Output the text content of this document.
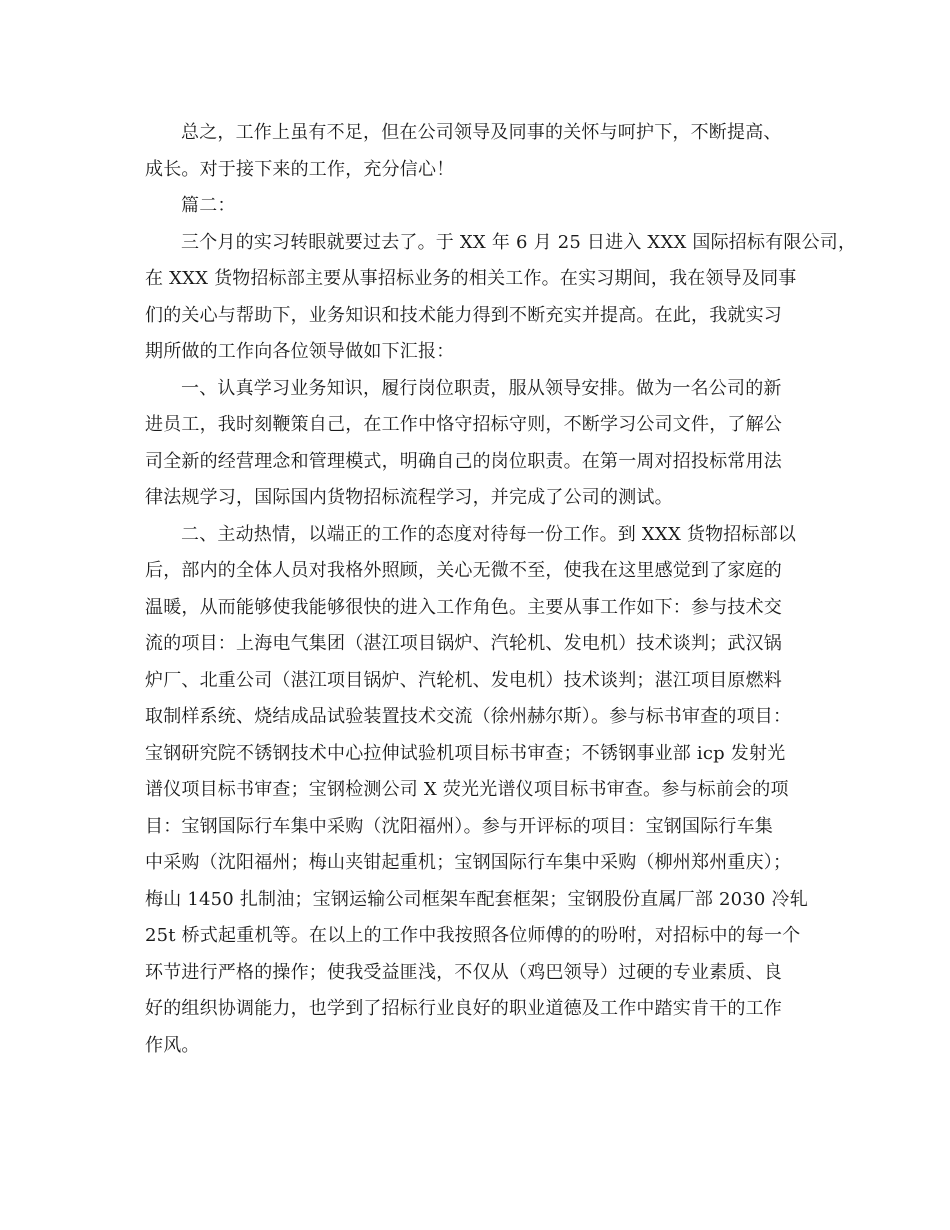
总之，工作上虽有不足，但在公司领导及同事的关怀与呵护下，不断提高、
成长。对于接下来的工作，充分信心！
篇二：
三个月的实习转眼就要过去了。于 XX 年 6 月 25 日进入 XXX 国际招标有限公司，
在 XXX 货物招标部主要从事招标业务的相关工作。在实习期间，我在领导及同事
们的关心与帮助下，业务知识和技术能力得到不断充实并提高。在此，我就实习
期所做的工作向各位领导做如下汇报：
一、认真学习业务知识，履行岗位职责，服从领导安排。做为一名公司的新
进员工，我时刻鞭策自己，在工作中恪守招标守则，不断学习公司文件，了解公
司全新的经营理念和管理模式，明确自己的岗位职责。在第一周对招投标常用法
律法规学习，国际国内货物招标流程学习，并完成了公司的测试。
二、主动热情，以端正的工作的态度对待每一份工作。到 XXX 货物招标部以
后，部内的全体人员对我格外照顾，关心无微不至，使我在这里感觉到了家庭的
温暖，从而能够使我能够很快的进入工作角色。主要从事工作如下：参与技术交
流的项目：上海电气集团（湛江项目锅炉、汽轮机、发电机）技术谈判；武汉锅
炉厂、北重公司（湛江项目锅炉、汽轮机、发电机）技术谈判；湛江项目原燃料
取制样系统、烧结成品试验装置技术交流（徐州赫尔斯）。参与标书审查的项目：
宝钢研究院不锈钢技术中心拉伸试验机项目标书审查；不锈钢事业部 icp 发射光
谱仪项目标书审查；宝钢检测公司 X 荧光光谱仪项目标书审查。参与标前会的项
目：宝钢国际行车集中采购（沈阳福州）。参与开评标的项目：宝钢国际行车集
中采购（沈阳福州；梅山夹钳起重机；宝钢国际行车集中采购（柳州郑州重庆）；
梅山 1450 扎制油；宝钢运输公司框架车配套框架；宝钢股份直属厂部 2030 冷轧
25t 桥式起重机等。在以上的工作中我按照各位师傅的的吩咐，对招标中的每一个
环节进行严格的操作；使我受益匪浅，不仅从（鸡巴领导）过硬的专业素质、良
好的组织协调能力，也学到了招标行业良好的职业道德及工作中踏实肯干的工作
作风。
